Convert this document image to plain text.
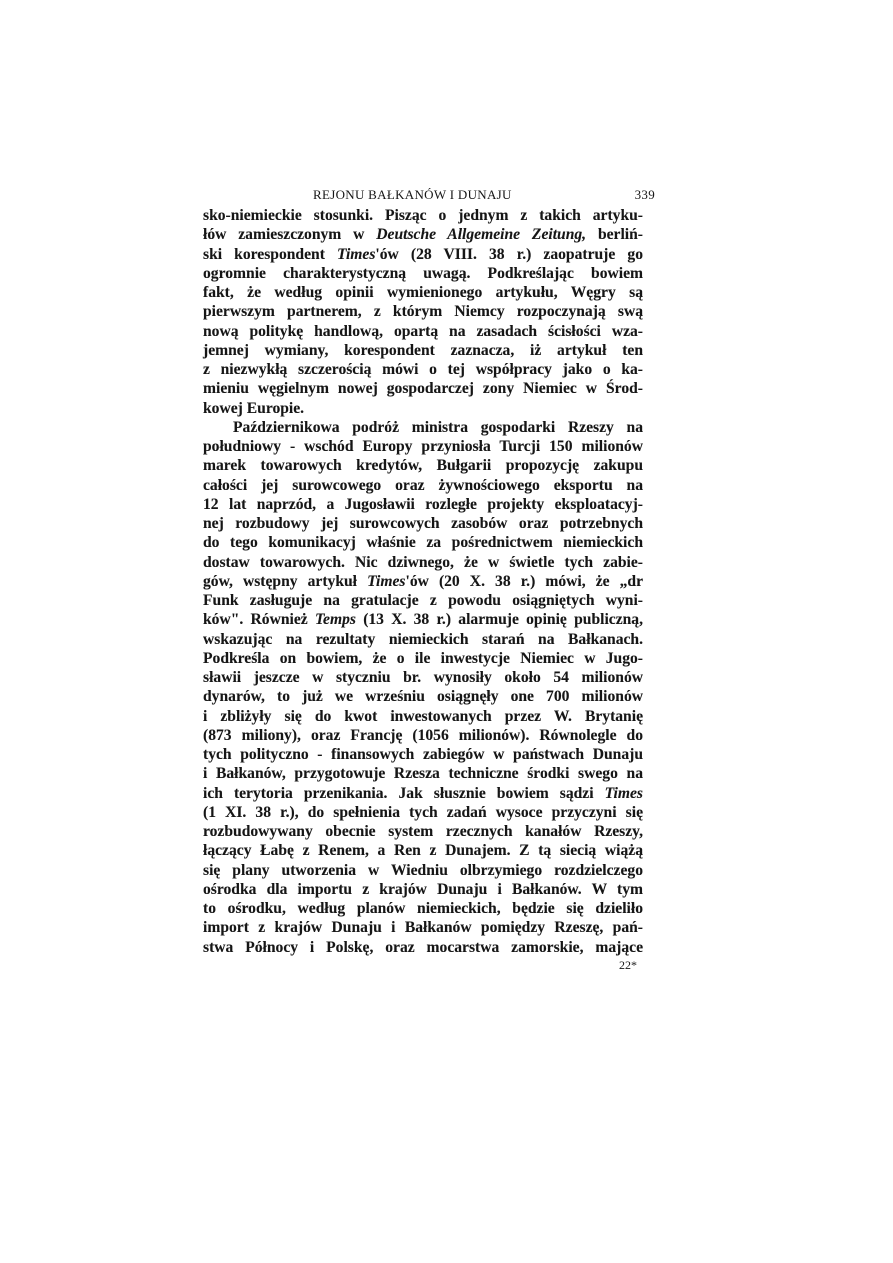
REJONU BAŁKANÓW I DUNAJU	339
sko-niemieckie stosunki. Pisząc o jednym z takich artyku-
łów zamieszczonym w Deutsche Allgemeine Zeitung, berliń-
ski korespondent Times'ów (28 VIII. 38 r.) zaopatruje go
ogromnie charakterystyczną uwagą. Podkreślając bowiem
fakt, że według opinii wymienionego artykułu, Węgry są
pierwszym partnerem, z którym Niemcy rozpoczynają swą
nową politykę handlową, opartą na zasadach ścisłości wza-
jemnej wymiany, korespondent zaznacza, iż artykuł ten
z niezwykłą szczerością mówi o tej współpracy jako o ka-
mieniu węgielnym nowej gospodarczej zony Niemiec w Środ-
kowej Europie.
Październikowa podróż ministra gospodarki Rzeszy na
południowy - wschód Europy przyniosła Turcji 150 milionów
marek towarowych kredytów, Bułgarii propozycję zakupu
całości jej surowcowego oraz żywnościowego eksportu na
12 lat naprzód, a Jugosławii rozległe projekty eksploatacyj-
nej rozbudowy jej surowcowych zasobów oraz potrzebnych
do tego komunikacyj właśnie za pośrednictwem niemieckich
dostaw towarowych. Nic dziwnego, że w świetle tych zabie-
gów, wstępny artykuł Times'ów (20 X. 38 r.) mówi, że „dr
Funk zasługuje na gratulacje z powodu osiągniętych wyni-
ków". Również Temps (13 X. 38 r.) alarmuje opinię publiczną,
wskazując na rezultaty niemieckich starań na Bałkanach.
Podkreśla on bowiem, że o ile inwestycje Niemiec w Jugo-
sławii jeszcze w styczniu br. wynosiły około 54 milionów
dynarów, to już we wrześniu osiągnęły one 700 milionów
i zbliżyły się do kwot inwestowanych przez W. Brytanię
(873 miliony), oraz Francję (1056 milionów). Równolegle do
tych polityczno - finansowych zabiegów w państwach Dunaju
i Bałkanów, przygotowuje Rzesza techniczne środki swego na
ich terytoria przenikania. Jak słusznie bowiem sądzi Times
(1 XI. 38 r.), do spełnienia tych zadań wysoce przyczyni się
rozbudowywany obecnie system rzecznych kanałów Rzeszy,
łączący Łabę z Renem, a Ren z Dunajem. Z tą siecią wiążą
się plany utworzenia w Wiedniu olbrzymiego rozdzielczego
ośrodka dla importu z krajów Dunaju i Bałkanów. W tym
to ośrodku, według planów niemieckich, będzie się dzieliło
import z krajów Dunaju i Bałkanów pomiędzy Rzeszę, pań-
stwa Północy i Polskę, oraz mocarstwa zamorskie, mające
22*
